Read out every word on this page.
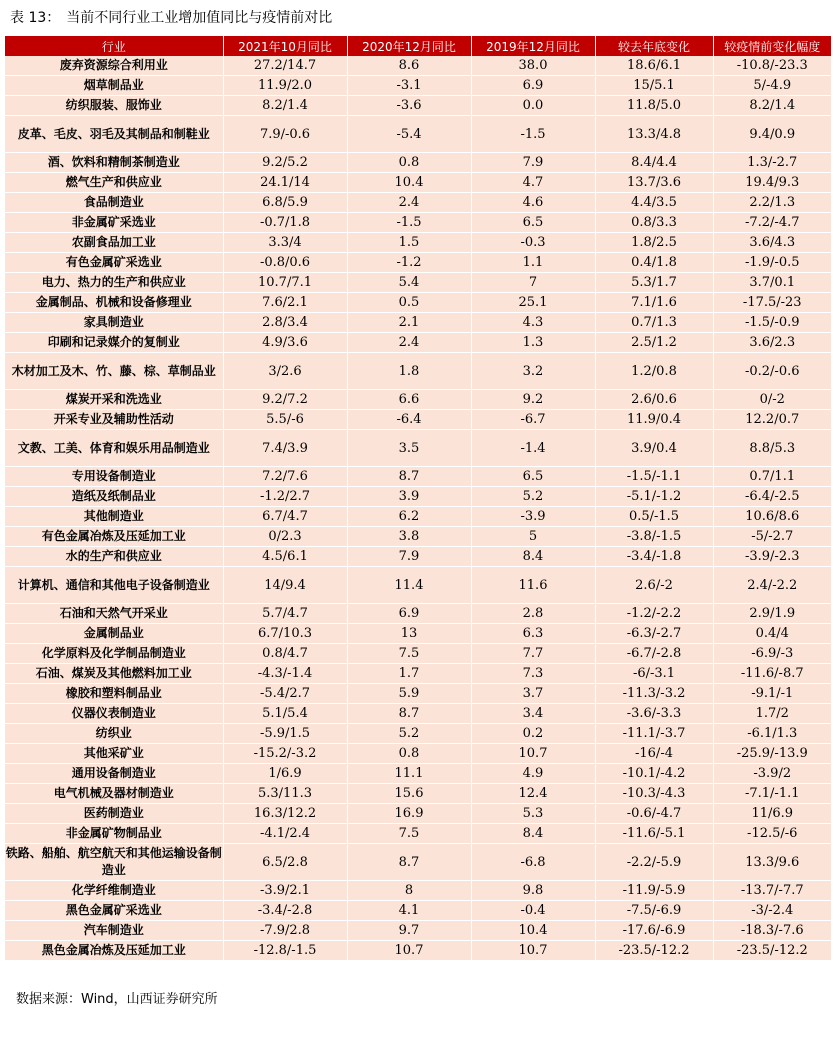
表 13： 当前不同行业工业增加值同比与疫情前对比
行业	2021年10月同比	2020年12月同比	2019年12月同比	较去年底变化	较疫情前变化幅度
废弃资源综合利用业	27.2/14.7	8.6	38.0	18.6/6.1	-10.8/-23.3
烟草制品业	11.9/2.0	-3.1	6.9	15/5.1	5/-4.9
纺织服装、服饰业	8.2/1.4	-3.6	0.0	11.8/5.0	8.2/1.4
皮革、毛皮、羽毛及其制品和制鞋业	7.9/-0.6	-5.4	-1.5	13.3/4.8	9.4/0.9
酒、饮料和精制茶制造业	9.2/5.2	0.8	7.9	8.4/4.4	1.3/-2.7
燃气生产和供应业	24.1/14	10.4	4.7	13.7/3.6	19.4/9.3
食品制造业	6.8/5.9	2.4	4.6	4.4/3.5	2.2/1.3
非金属矿采选业	-0.7/1.8	-1.5	6.5	0.8/3.3	-7.2/-4.7
农副食品加工业	3.3/4	1.5	-0.3	1.8/2.5	3.6/4.3
有色金属矿采选业	-0.8/0.6	-1.2	1.1	0.4/1.8	-1.9/-0.5
电力、热力的生产和供应业	10.7/7.1	5.4	7	5.3/1.7	3.7/0.1
金属制品、机械和设备修理业	7.6/2.1	0.5	25.1	7.1/1.6	-17.5/-23
家具制造业	2.8/3.4	2.1	4.3	0.7/1.3	-1.5/-0.9
印刷和记录媒介的复制业	4.9/3.6	2.4	1.3	2.5/1.2	3.6/2.3
木材加工及木、竹、藤、棕、草制品业	3/2.6	1.8	3.2	1.2/0.8	-0.2/-0.6
煤炭开采和洗选业	9.2/7.2	6.6	9.2	2.6/0.6	0/-2
开采专业及辅助性活动	5.5/-6	-6.4	-6.7	11.9/0.4	12.2/0.7
文教、工美、体育和娱乐用品制造业	7.4/3.9	3.5	-1.4	3.9/0.4	8.8/5.3
专用设备制造业	7.2/7.6	8.7	6.5	-1.5/-1.1	0.7/1.1
造纸及纸制品业	-1.2/2.7	3.9	5.2	-5.1/-1.2	-6.4/-2.5
其他制造业	6.7/4.7	6.2	-3.9	0.5/-1.5	10.6/8.6
有色金属冶炼及压延加工业	0/2.3	3.8	5	-3.8/-1.5	-5/-2.7
水的生产和供应业	4.5/6.1	7.9	8.4	-3.4/-1.8	-3.9/-2.3
计算机、通信和其他电子设备制造业	14/9.4	11.4	11.6	2.6/-2	2.4/-2.2
石油和天然气开采业	5.7/4.7	6.9	2.8	-1.2/-2.2	2.9/1.9
金属制品业	6.7/10.3	13	6.3	-6.3/-2.7	0.4/4
化学原料及化学制品制造业	0.8/4.7	7.5	7.7	-6.7/-2.8	-6.9/-3
石油、煤炭及其他燃料加工业	-4.3/-1.4	1.7	7.3	-6/-3.1	-11.6/-8.7
橡胶和塑料制品业	-5.4/2.7	5.9	3.7	-11.3/-3.2	-9.1/-1
仪器仪表制造业	5.1/5.4	8.7	3.4	-3.6/-3.3	1.7/2
纺织业	-5.9/1.5	5.2	0.2	-11.1/-3.7	-6.1/1.3
其他采矿业	-15.2/-3.2	0.8	10.7	-16/-4	-25.9/-13.9
通用设备制造业	1/6.9	11.1	4.9	-10.1/-4.2	-3.9/2
电气机械及器材制造业	5.3/11.3	15.6	12.4	-10.3/-4.3	-7.1/-1.1
医药制造业	16.3/12.2	16.9	5.3	-0.6/-4.7	11/6.9
非金属矿物制品业	-4.1/2.4	7.5	8.4	-11.6/-5.1	-12.5/-6
铁路、船舶、航空航天和其他运输设备制造业	6.5/2.8	8.7	-6.8	-2.2/-5.9	13.3/9.6
化学纤维制造业	-3.9/2.1	8	9.8	-11.9/-5.9	-13.7/-7.7
黑色金属矿采选业	-3.4/-2.8	4.1	-0.4	-7.5/-6.9	-3/-2.4
汽车制造业	-7.9/2.8	9.7	10.4	-17.6/-6.9	-18.3/-7.6
黑色金属冶炼及压延加工业	-12.8/-1.5	10.7	10.7	-23.5/-12.2	-23.5/-12.2
数据来源：Wind，山西证券研究所
